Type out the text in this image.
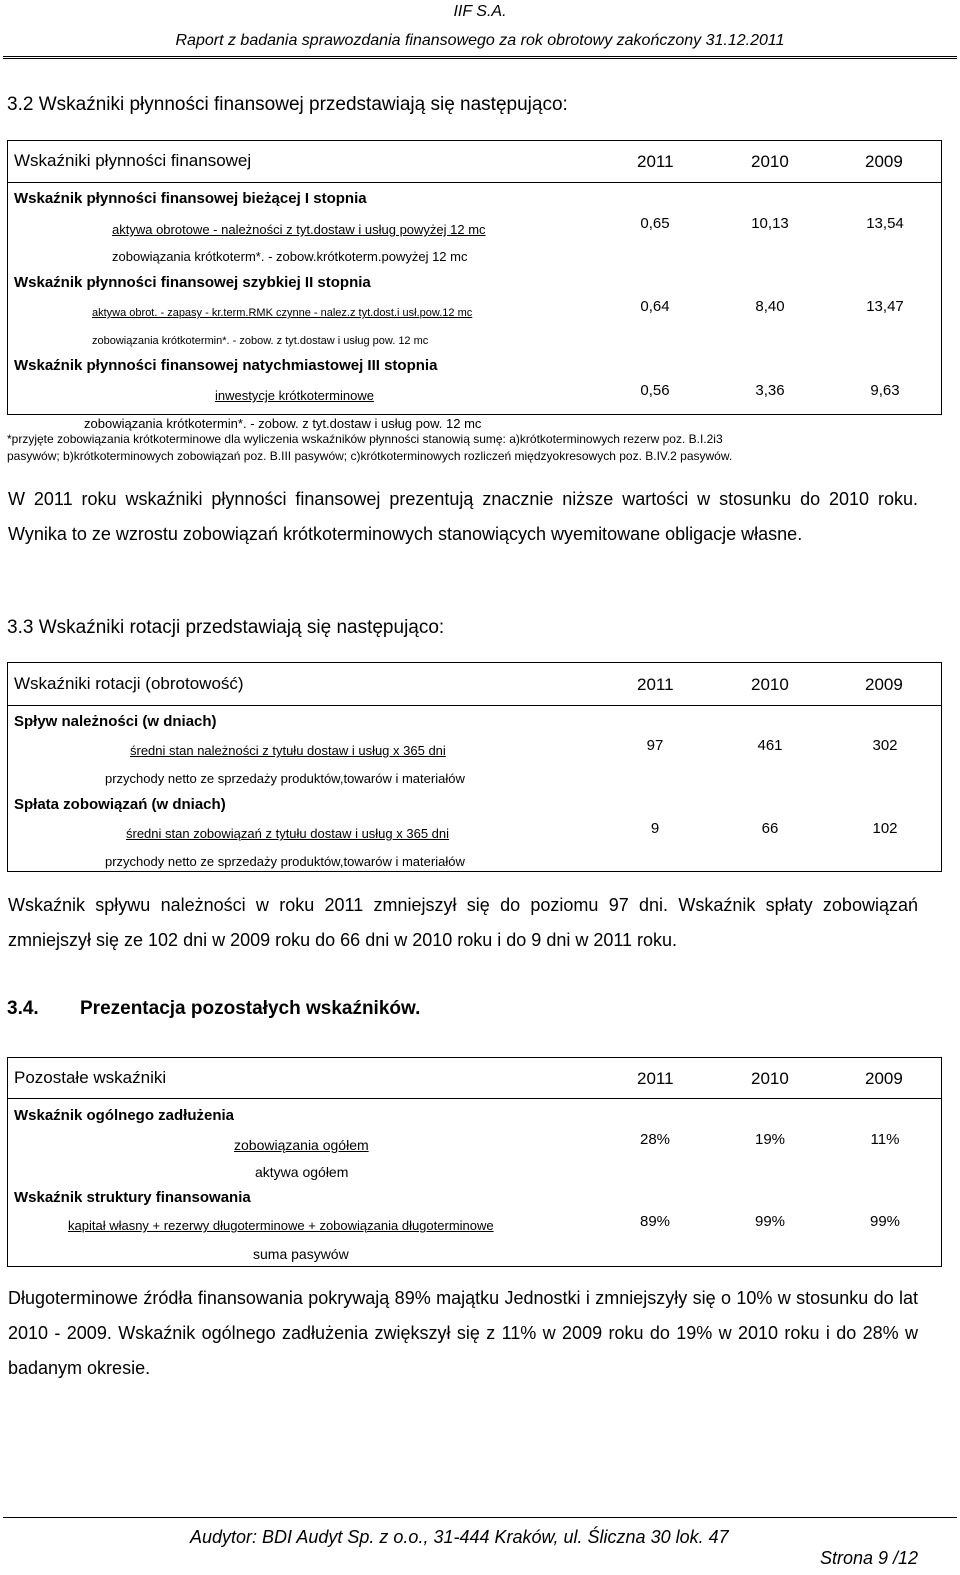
IIF S.A.
Raport z badania sprawozdania finansowego za rok obrotowy zakończony 31.12.2011
3.2 Wskaźniki płynności finansowej przedstawiają się następująco:
Wskaźniki płynności finansowej	2011	2010	2009
Wskaźnik płynności finansowej bieżącej I stopnia
aktywa obrotowe - należności z tyt.dostaw i usług powyżej 12 mc
zobowiązania krótkoterm*. - zobow.krótkoterm.powyżej 12 mc
0,65	10,13	13,54
Wskaźnik płynności finansowej szybkiej II stopnia
aktywa obrot. - zapasy - kr.term.RMK czynne - nalez.z tyt.dost.i usł.pow.12 mc
zobowiązania krótkotermin*. - zobow. z tyt.dostaw i usług pow. 12 mc
0,64	8,40	13,47
Wskaźnik płynności finansowej natychmiastowej III stopnia
inwestycje krótkoterminowe
zobowiązania krótkotermin*. - zobow. z tyt.dostaw i usług pow. 12 mc
0,56	3,36	9,63
*przyjęte zobowiązania krótkoterminowe dla wyliczenia wskaźników płynności stanowią sumę: a)krótkoterminowych rezerw poz. B.I.2i3
pasywów; b)krótkoterminowych zobowiązań poz. B.III pasywów; c)krótkoterminowych rozliczeń międzyokresowych poz. B.IV.2 pasywów.
W 2011 roku wskaźniki płynności finansowej prezentują znacznie niższe wartości w stosunku do 2010 roku. Wynika to ze wzrostu zobowiązań krótkoterminowych stanowiących wyemitowane obligacje własne.
3.3 Wskaźniki rotacji przedstawiają się następująco:
Wskaźniki rotacji (obrotowość)	2011	2010	2009
Spływ należności (w dniach)
średni stan należności z tytułu dostaw i usług x 365 dni
przychody netto ze sprzedaży produktów,towarów i materiałów
97	461	302
Spłata zobowiązań (w dniach)
średni stan zobowiązań z tytułu dostaw i usług x 365 dni
przychody netto ze sprzedaży produktów,towarów i materiałów
9	66	102
Wskaźnik spływu należności w roku 2011 zmniejszył się do poziomu 97 dni. Wskaźnik spłaty zobowiązań zmniejszył się ze 102 dni w 2009 roku do 66 dni w 2010 roku i do 9 dni w 2011 roku.
3.4. Prezentacja pozostałych wskaźników.
Pozostałe wskaźniki	2011	2010	2009
Wskaźnik ogólnego zadłużenia
zobowiązania ogółem
aktywa ogółem
28%	19%	11%
Wskaźnik struktury finansowania
kapitał własny + rezerwy długoterminowe + zobowiązania długoterminowe
suma pasywów
89%	99%	99%
Długoterminowe źródła finansowania pokrywają 89% majątku Jednostki i zmniejszyły się o 10% w stosunku do lat 2010 - 2009. Wskaźnik ogólnego zadłużenia zwiększył się z 11% w 2009 roku do 19% w 2010 roku i do 28% w badanym okresie.
Audytor: BDI Audyt Sp. z o.o., 31-444 Kraków, ul. Śliczna 30 lok. 47
Strona 9 /12
